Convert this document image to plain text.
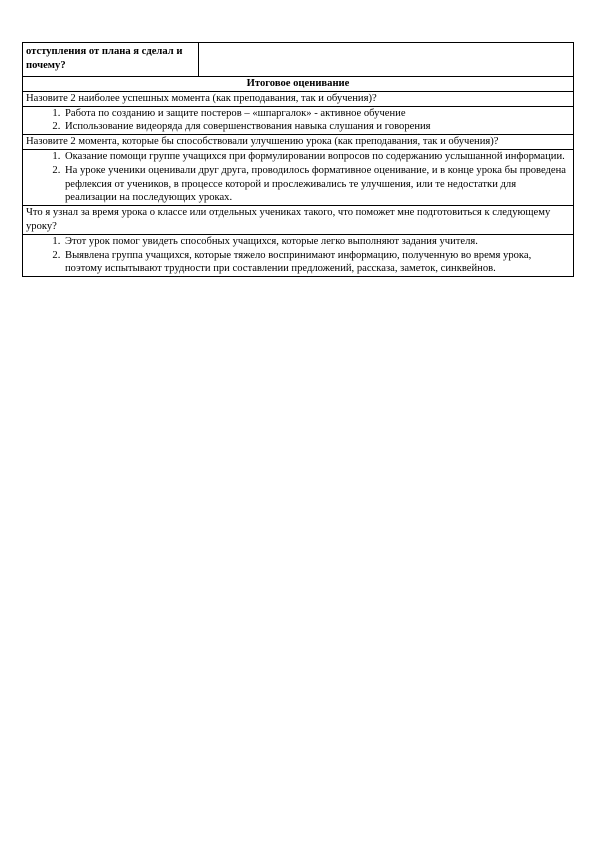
отступления от плана я сделал и почему?	
Итоговое оценивание
Назовите 2 наиболее успешных момента (как преподавания, так и обучения)?

1. Работа по созданию и защите постеров – «шпаргалок» - активное обучение
2. Использование видеоряда для совершенствования навыка слушания и говорения

Назовите 2 момента, которые бы способствовали улучшению урока (как преподавания, так и обучения)?

1. Оказание помощи группе учащихся при формулировании вопросов по содержанию услышанной информации.
2. На уроке ученики оценивали друг друга, проводилось формативное оценивание, и в конце урока бы проведена рефлексия от учеников, в процессе которой и прослеживались те улучшения, или те недостатки для реализации на последующих уроках.

Что я узнал за время урока о классе или отдельных учениках такого, что поможет мне подготовиться к следующему уроку?

1. Этот урок помог увидеть способных учащихся, которые легко выполняют задания учителя.
2. Выявлена группа учащихся, которые тяжело воспринимают информацию, полученную во время урока, поэтому испытывают трудности при составлении предложений, рассказа, заметок, синквейнов.
